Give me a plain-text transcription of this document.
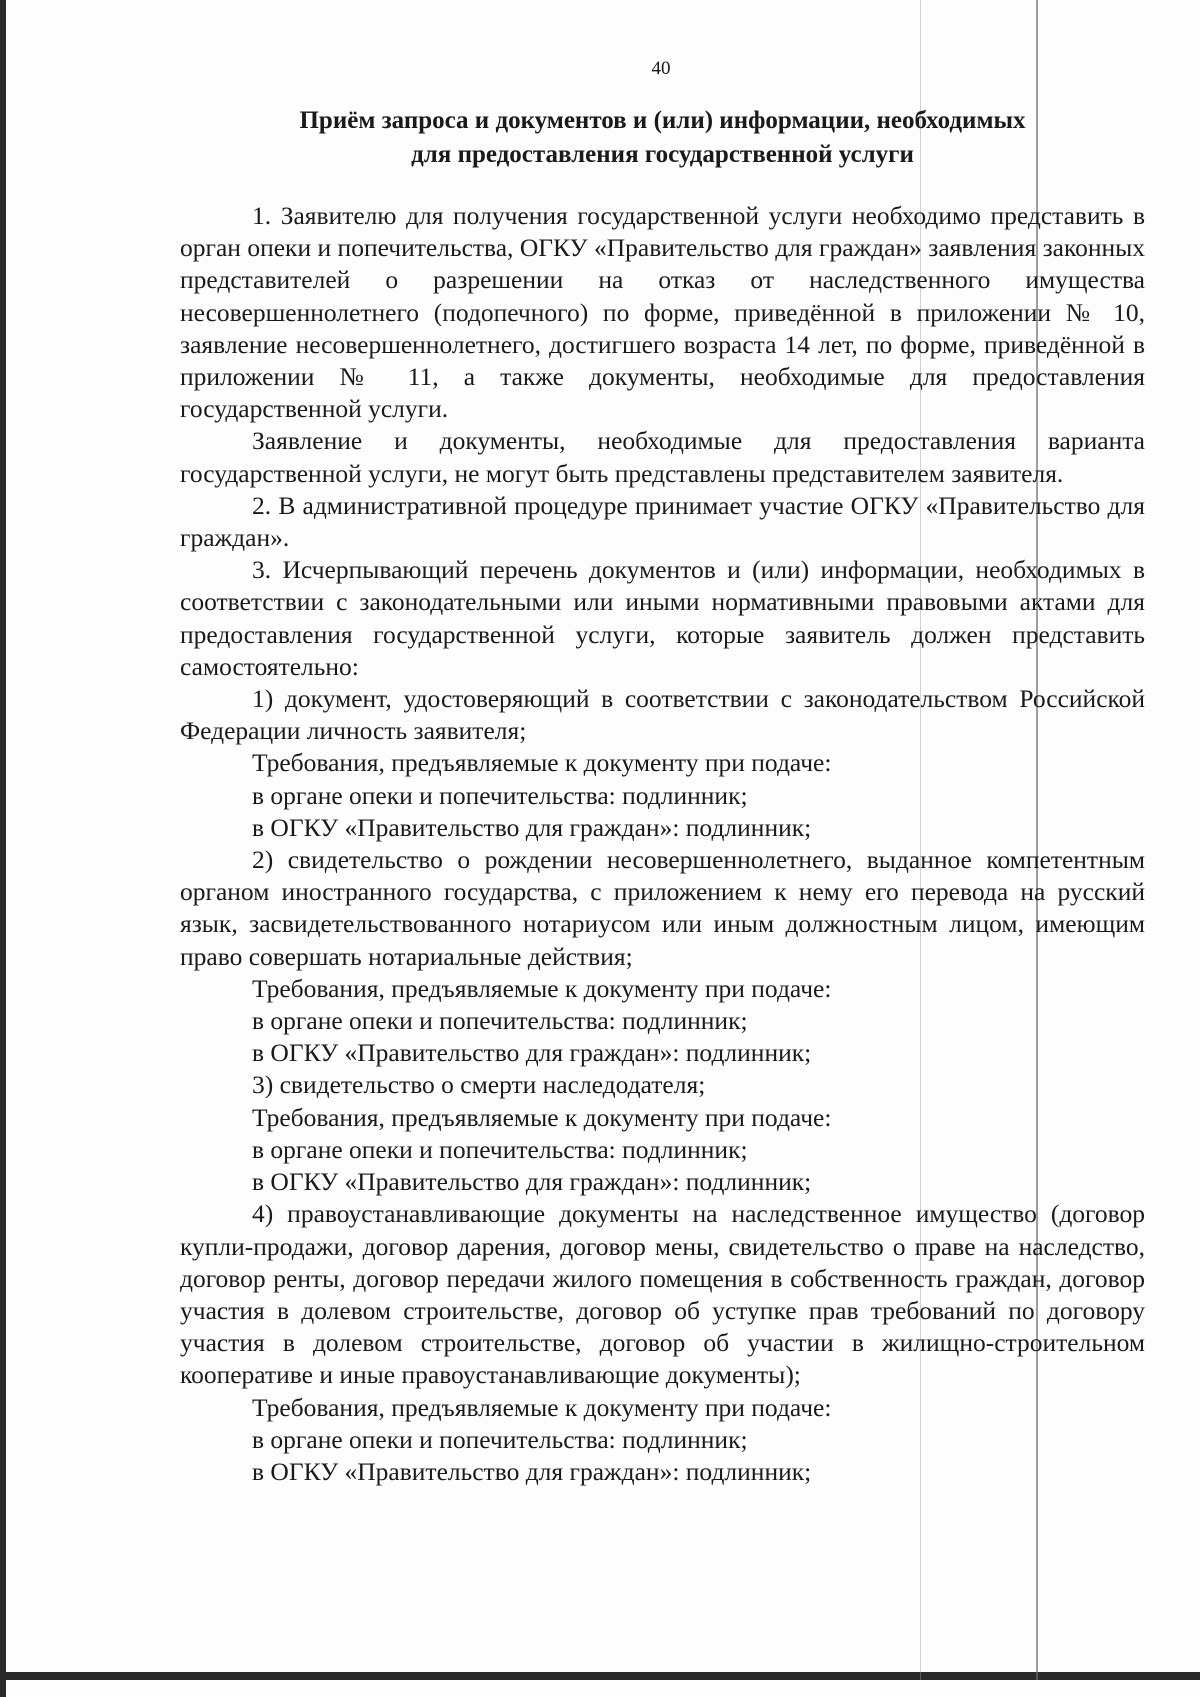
40
Приём запроса и документов и (или) информации, необходимых
для предоставления государственной услуги

1. Заявителю для получения государственной услуги необходимо представить в орган опеки и попечительства, ОГКУ «Правительство для граждан» заявления законных представителей о разрешении на отказ от наследственного имущества несовершеннолетнего (подопечного) по форме, приведённой в приложении № 10, заявление несовершеннолетнего, достигшего возраста 14 лет, по форме, приведённой в приложении № 11, а также документы, необходимые для предоставления государственной услуги.

Заявление и документы, необходимые для предоставления варианта государственной услуги, не могут быть представлены представителем заявителя.

2. В административной процедуре принимает участие ОГКУ «Правительство для граждан».

3. Исчерпывающий перечень документов и (или) информации, необходимых в соответствии с законодательными или иными нормативными правовыми актами для предоставления государственной услуги, которые заявитель должен представить самостоятельно:

1) документ, удостоверяющий в соответствии с законодательством Российской Федерации личность заявителя;

Требования, предъявляемые к документу при подаче:

в органе опеки и попечительства: подлинник;

в ОГКУ «Правительство для граждан»: подлинник;

2) свидетельство о рождении несовершеннолетнего, выданное компетентным органом иностранного государства, с приложением к нему его перевода на русский язык, засвидетельствованного нотариусом или иным должностным лицом, имеющим право совершать нотариальные действия;

Требования, предъявляемые к документу при подаче:

в органе опеки и попечительства: подлинник;

в ОГКУ «Правительство для граждан»: подлинник;

3) свидетельство о смерти наследодателя;

Требования, предъявляемые к документу при подаче:

в органе опеки и попечительства: подлинник;

в ОГКУ «Правительство для граждан»: подлинник;

4) правоустанавливающие документы на наследственное имущество (договор купли-продажи, договор дарения, договор мены, свидетельство о праве на наследство, договор ренты, договор передачи жилого помещения в собственность граждан, договор участия в долевом строительстве, договор об уступке прав требований по договору участия в долевом строительстве, договор об участии в жилищно-строительном кооперативе и иные правоустанавливающие документы);

Требования, предъявляемые к документу при подаче:

в органе опеки и попечительства: подлинник;

в ОГКУ «Правительство для граждан»: подлинник;
